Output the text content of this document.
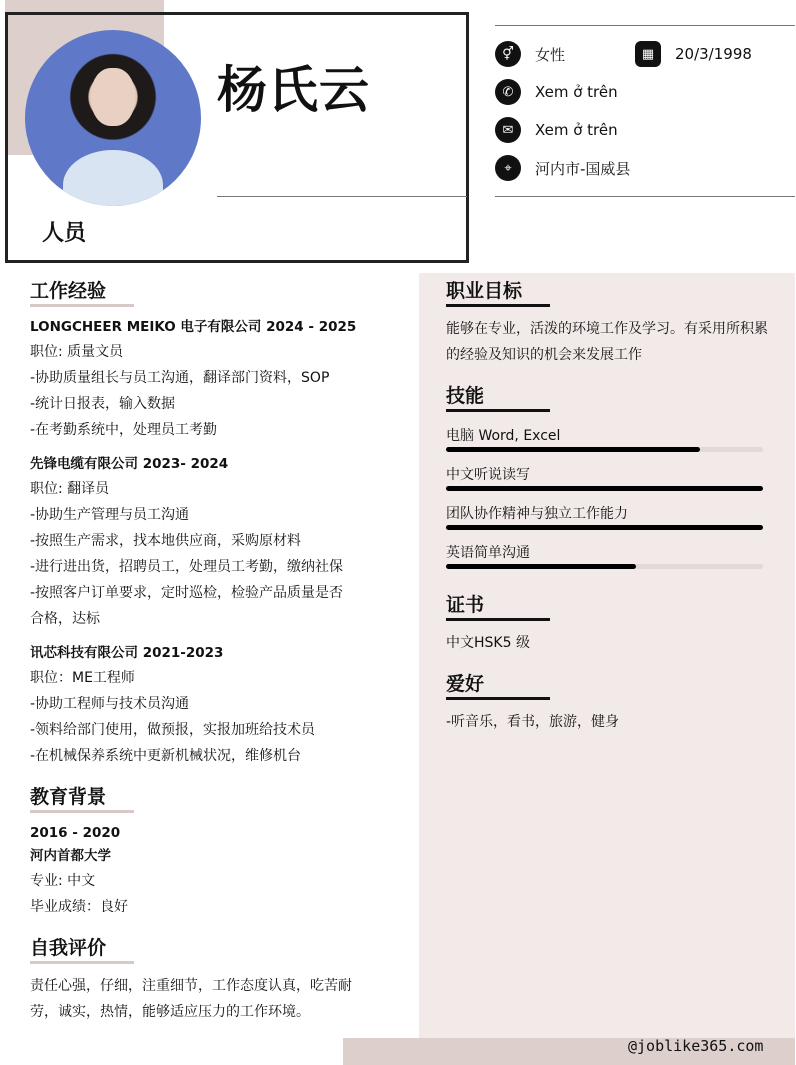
杨氏云
人员
⚥	女性	▦	20/3/1998
✆	Xem ở trên
✉	Xem ở trên
⌖	河内市-国威县
@joblike365.com
工作经验
LONGCHEER MEIKO 电子有限公司 2024 - 2025
职位: 质量文员
-协助质量组长与员工沟通，翻译部门资料，SOP
-统计日报表，输入数据
-在考勤系统中，处理员工考勤
先锋电缆有限公司 2023- 2024
职位: 翻译员
-协助生产管理与员工沟通
-按照生产需求，找本地供应商，采购原材料
-进行进出货，招聘员工，处理员工考勤，缴纳社保
-按照客户订单要求，定时巡检，检验产品质量是否
合格，达标
讯芯科技有限公司 2021-2023
职位：ME工程师
-协助工程师与技术员沟通
-领料给部门使用，做预报，实报加班给技术员
-在机械保养系统中更新机械状况，维修机台
教育背景
2016 - 2020
河内首都大学
专业: 中文
毕业成绩：良好
自我评价
责任心强，仔细，注重细节，工作态度认真，吃苦耐
劳，诚实，热情，能够适应压力的工作环境。
职业目标
能够在专业，活泼的环境工作及学习。有采用所积累
的经验及知识的机会来发展工作
技能
电脑 Word, Excel
中文听说读写
团队协作精神与独立工作能力
英语简单沟通
证书
中文HSK5 级
爱好
-听音乐，看书，旅游，健身
